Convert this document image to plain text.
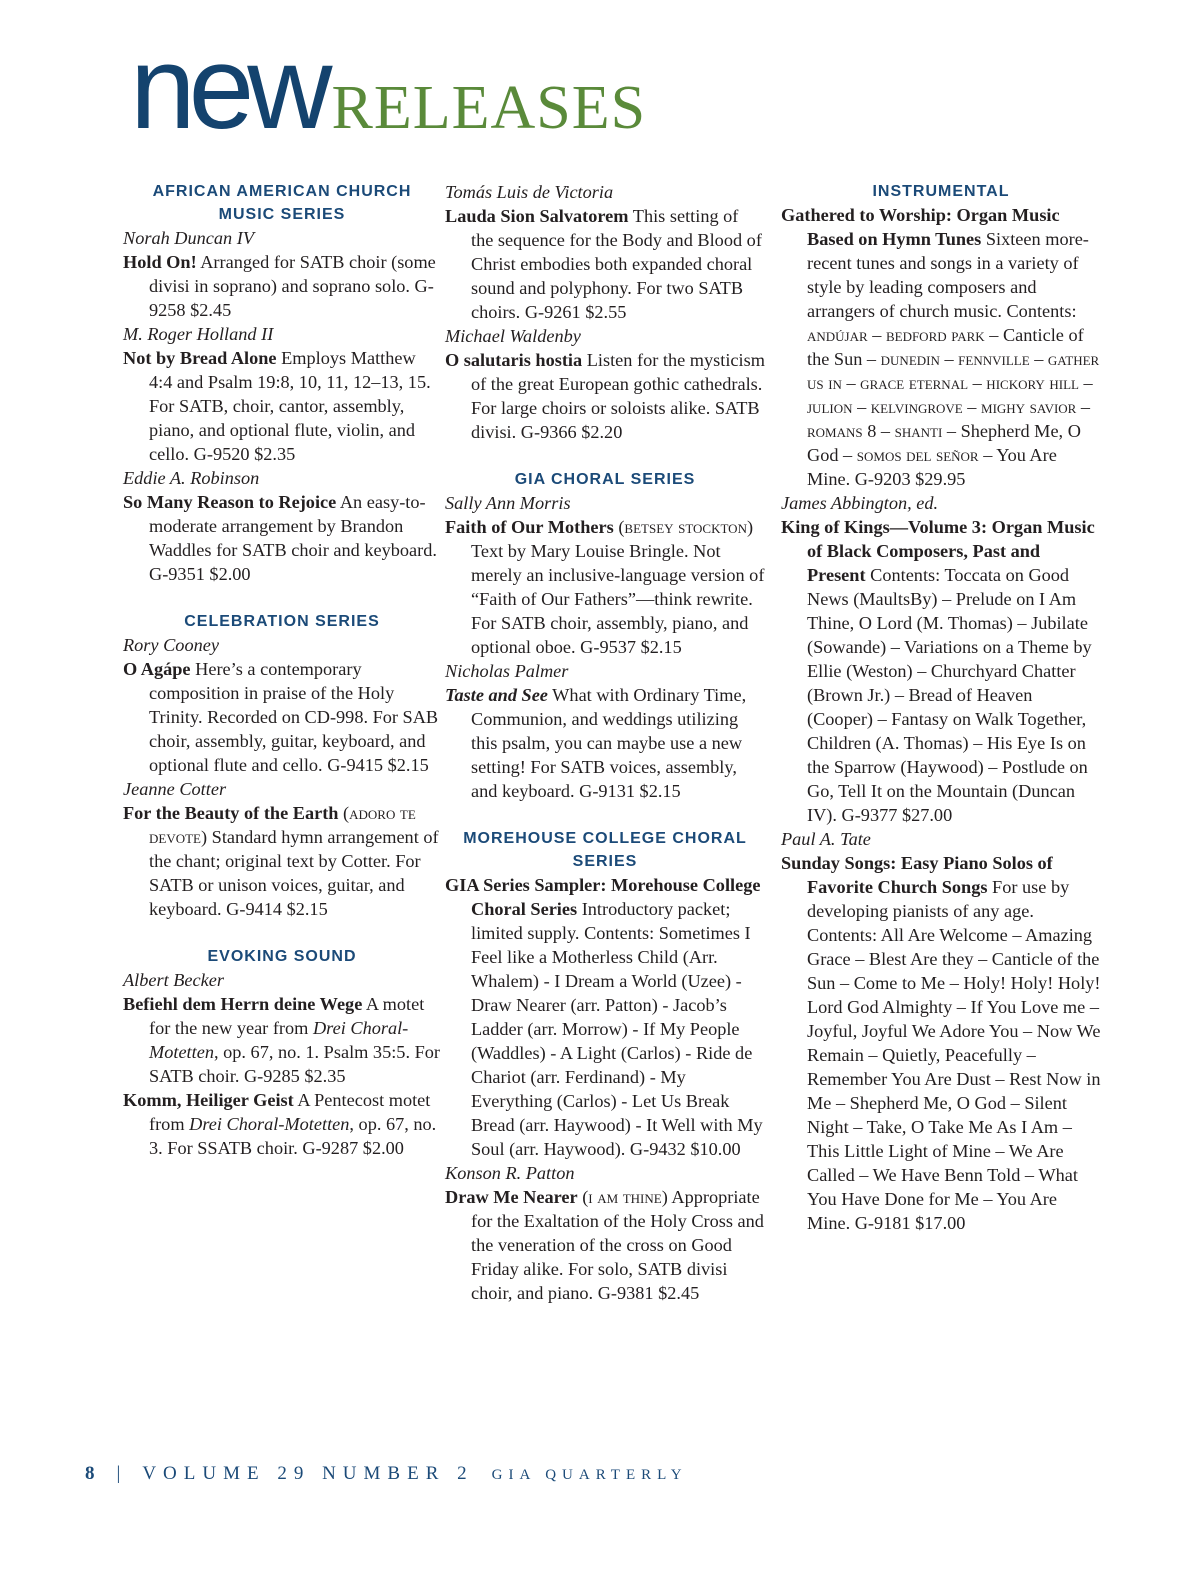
newRELEASES
AFRICAN AMERICAN CHURCH MUSIC SERIES
Norah Duncan IV
Hold On! Arranged for SATB choir (some divisi in soprano) and soprano solo. G-9258 $2.45
M. Roger Holland II
Not by Bread Alone Employs Matthew 4:4 and Psalm 19:8, 10, 11, 12–13, 15. For SATB, choir, cantor, assembly, piano, and optional flute, violin, and cello. G-9520 $2.35
Eddie A. Robinson
So Many Reason to Rejoice An easy-to-moderate arrangement by Brandon Waddles for SATB choir and keyboard. G-9351 $2.00
CELEBRATION SERIES
Rory Cooney
O Agápe Here’s a contemporary composition in praise of the Holy Trinity. Recorded on CD-998. For SAB choir, assembly, guitar, keyboard, and optional flute and cello. G-9415 $2.15
Jeanne Cotter
For the Beauty of the Earth (adoro te devote) Standard hymn arrangement of the chant; original text by Cotter. For SATB or unison voices, guitar, and keyboard. G-9414 $2.15
EVOKING SOUND
Albert Becker
Befiehl dem Herrn deine Wege A motet for the new year from Drei Choral-Motetten, op. 67, no. 1. Psalm 35:5. For SATB choir. G-9285 $2.35
Komm, Heiliger Geist A Pentecost motet from Drei Choral-Motetten, op. 67, no. 3. For SSATB choir. G-9287 $2.00
Tomás Luis de Victoria
Lauda Sion Salvatorem This setting of the sequence for the Body and Blood of Christ embodies both expanded choral sound and polyphony. For two SATB choirs. G-9261 $2.55
Michael Waldenby
O salutaris hostia Listen for the mysticism of the great European gothic cathedrals. For large choirs or soloists alike. SATB divisi. G-9366 $2.20
GIA CHORAL SERIES
Sally Ann Morris
Faith of Our Mothers (betsey stockton) Text by Mary Louise Bringle. Not merely an inclusive-language version of “Faith of Our Fathers”—think rewrite. For SATB choir, assembly, piano, and optional oboe. G-9537 $2.15
Nicholas Palmer
Taste and See What with Ordinary Time, Communion, and weddings utilizing this psalm, you can maybe use a new setting! For SATB voices, assembly, and keyboard. G-9131 $2.15
MOREHOUSE COLLEGE CHORAL SERIES
GIA Series Sampler: Morehouse College Choral Series Introductory packet; limited supply. Contents: Sometimes I Feel like a Motherless Child (Arr. Whalem) - I Dream a World (Uzee) - Draw Nearer (arr. Patton) - Jacob’s Ladder (arr. Morrow) - If My People (Waddles) - A Light (Carlos) - Ride de Chariot (arr. Ferdinand) - My Everything (Carlos) - Let Us Break Bread (arr. Haywood) - It Well with My Soul (arr. Haywood). G-9432 $10.00
Konson R. Patton
Draw Me Nearer (i am thine) Appropriate for the Exaltation of the Holy Cross and the veneration of the cross on Good Friday alike. For solo, SATB divisi choir, and piano. G-9381 $2.45
INSTRUMENTAL
Gathered to Worship: Organ Music Based on Hymn Tunes Sixteen more-recent tunes and songs in a variety of style by leading composers and arrangers of church music. Contents: andújar – bedford park – Canticle of the Sun – dunedin – fennville – gather us in – grace eternal – hickory hill – julion – kelvingrove – mighy savior – romans 8 – shanti – Shepherd Me, O God – somos del señor – You Are Mine. G-9203 $29.95
James Abbington, ed.
King of Kings—Volume 3: Organ Music of Black Composers, Past and Present Contents: Toccata on Good News (MaultsBy) – Prelude on I Am Thine, O Lord (M. Thomas) – Jubilate (Sowande) – Variations on a Theme by Ellie (Weston) – Churchyard Chatter (Brown Jr.) – Bread of Heaven (Cooper) – Fantasy on Walk Together, Children (A. Thomas) – His Eye Is on the Sparrow (Haywood) – Postlude on Go, Tell It on the Mountain (Duncan IV). G-9377 $27.00
Paul A. Tate
Sunday Songs: Easy Piano Solos of Favorite Church Songs For use by developing pianists of any age. Contents: All Are Welcome – Amazing Grace – Blest Are they – Canticle of the Sun – Come to Me – Holy! Holy! Holy! Lord God Almighty – If You Love me – Joyful, Joyful We Adore You – Now We Remain – Quietly, Peacefully – Remember You Are Dust – Rest Now in Me – Shepherd Me, O God – Silent Night – Take, O Take Me As I Am – This Little Light of Mine – We Are Called – We Have Benn Told – What You Have Done for Me – You Are Mine. G-9181 $17.00
8 | VOLUME 29 NUMBER 2 GIA QUARTERLY
